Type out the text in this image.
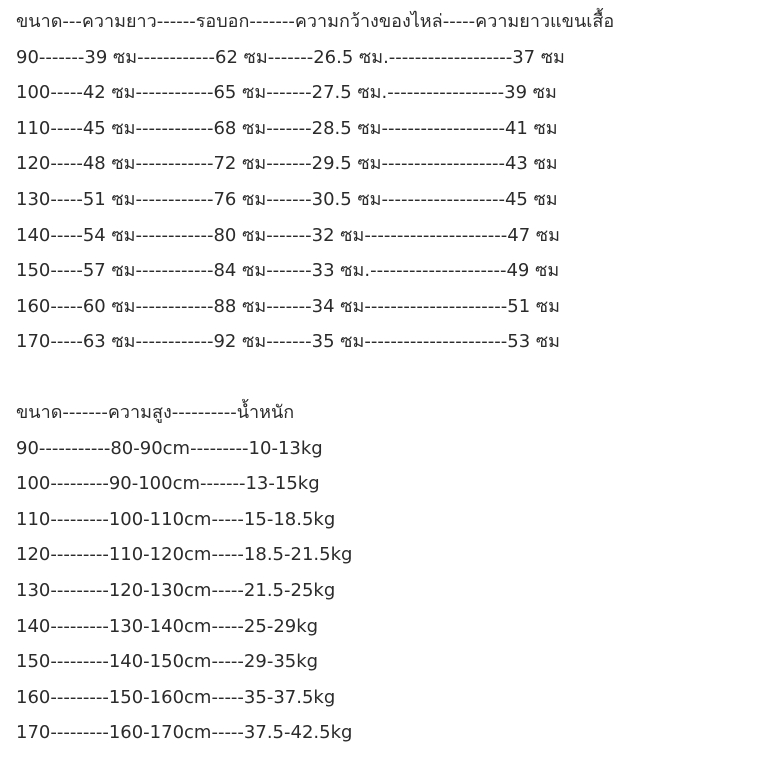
ขนาด---ความยาว------รอบอก-------ความกว้างของไหล่-----ความยาวแขนเสื้อ
90-------39 ซม------------62 ซม-------26.5 ซม.-------------------37 ซม
100-----42 ซม------------65 ซม-------27.5 ซม.------------------39 ซม
110-----45 ซม------------68 ซม-------28.5 ซม-------------------41 ซม
120-----48 ซม------------72 ซม-------29.5 ซม-------------------43 ซม
130-----51 ซม------------76 ซม-------30.5 ซม-------------------45 ซม
140-----54 ซม------------80 ซม-------32 ซม----------------------47 ซม
150-----57 ซม------------84 ซม-------33 ซม.---------------------49 ซม
160-----60 ซม------------88 ซม-------34 ซม----------------------51 ซม
170-----63 ซม------------92 ซม-------35 ซม----------------------53 ซม
ขนาด-------ความสูง----------น้ำหนัก
90-----------80-90cm---------10-13kg
100---------90-100cm-------13-15kg
110---------100-110cm-----15-18.5kg
120---------110-120cm-----18.5-21.5kg
130---------120-130cm-----21.5-25kg
140---------130-140cm-----25-29kg
150---------140-150cm-----29-35kg
160---------150-160cm-----35-37.5kg
170---------160-170cm-----37.5-42.5kg
